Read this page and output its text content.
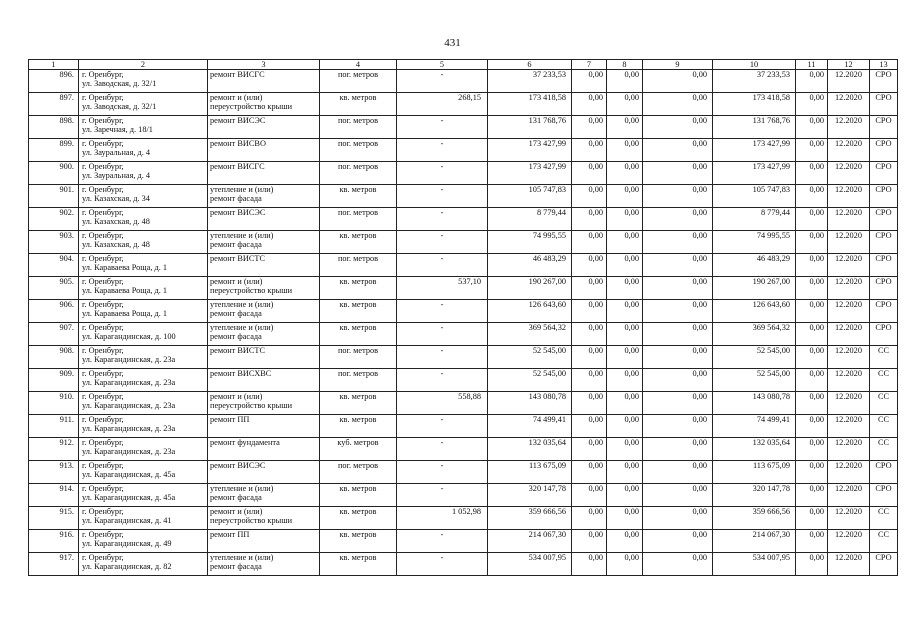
431
1	2	3	4	5	6	7	8	9	10	11	12	13

896.	г. Оренбург,
ул. Заводская, д. 32/1	ремонт ВИСГС	пог. метров	-	37 233,53	0,00	0,00	0,00	37 233,53	0,00	12.2020	СРО

897.	г. Оренбург,
ул. Заводская, д. 32/1	ремонт и (или)
переустройство крыши	кв. метров	268,15	173 418,58	0,00	0,00	0,00	173 418,58	0,00	12.2020	СРО

898.	г. Оренбург,
ул. Заречная, д. 18/1	ремонт ВИСЭС	пог. метров	-	131 768,76	0,00	0,00	0,00	131 768,76	0,00	12.2020	СРО

899.	г. Оренбург,
ул. Зауральная, д. 4	ремонт ВИСВО	пог. метров	-	173 427,99	0,00	0,00	0,00	173 427,99	0,00	12.2020	СРО

900.	г. Оренбург,
ул. Зауральная, д. 4	ремонт ВИСГС	пог. метров	-	173 427,99	0,00	0,00	0,00	173 427,99	0,00	12.2020	СРО

901.	г. Оренбург,
ул. Казахская, д. 34	утепление и (или)
ремонт фасада	кв. метров	-	105 747,83	0,00	0,00	0,00	105 747,83	0,00	12.2020	СРО

902.	г. Оренбург,
ул. Казахская, д. 48	ремонт ВИСЭС	пог. метров	-	8 779,44	0,00	0,00	0,00	8 779,44	0,00	12.2020	СРО

903.	г. Оренбург,
ул. Казахская, д. 48	утепление и (или)
ремонт фасада	кв. метров	-	74 995,55	0,00	0,00	0,00	74 995,55	0,00	12.2020	СРО

904.	г. Оренбург,
ул. Караваева Роща, д. 1	ремонт ВИСТС	пог. метров	-	46 483,29	0,00	0,00	0,00	46 483,29	0,00	12.2020	СРО

905.	г. Оренбург,
ул. Караваева Роща, д. 1	ремонт и (или)
переустройство крыши	кв. метров	537,10	190 267,00	0,00	0,00	0,00	190 267,00	0,00	12.2020	СРО

906.	г. Оренбург,
ул. Караваева Роща, д. 1	утепление и (или)
ремонт фасада	кв. метров	-	126 643,60	0,00	0,00	0,00	126 643,60	0,00	12.2020	СРО

907.	г. Оренбург,
ул. Карагандинская, д. 100	утепление и (или)
ремонт фасада	кв. метров	-	369 564,32	0,00	0,00	0,00	369 564,32	0,00	12.2020	СРО

908.	г. Оренбург,
ул. Карагандинская, д. 23а	ремонт ВИСТС	пог. метров	-	52 545,00	0,00	0,00	0,00	52 545,00	0,00	12.2020	СС

909.	г. Оренбург,
ул. Карагандинская, д. 23а	ремонт ВИСХВС	пог. метров	-	52 545,00	0,00	0,00	0,00	52 545,00	0,00	12.2020	СС

910.	г. Оренбург,
ул. Карагандинская, д. 23а	ремонт и (или)
переустройство крыши	кв. метров	558,88	143 080,78	0,00	0,00	0,00	143 080,78	0,00	12.2020	СС

911.	г. Оренбург,
ул. Карагандинская, д. 23а	ремонт ПП	кв. метров	-	74 499,41	0,00	0,00	0,00	74 499,41	0,00	12.2020	СС

912.	г. Оренбург,
ул. Карагандинская, д. 23а	ремонт фундамента	куб. метров	-	132 035,64	0,00	0,00	0,00	132 035,64	0,00	12.2020	СС

913.	г. Оренбург,
ул. Карагандинская, д. 45а	ремонт ВИСЭС	пог. метров	-	113 675,09	0,00	0,00	0,00	113 675,09	0,00	12.2020	СРО

914.	г. Оренбург,
ул. Карагандинская, д. 45а	утепление и (или)
ремонт фасада	кв. метров	-	320 147,78	0,00	0,00	0,00	320 147,78	0,00	12.2020	СРО

915.	г. Оренбург,
ул. Карагандинская, д. 41	ремонт и (или)
переустройство крыши	кв. метров	1 052,98	359 666,56	0,00	0,00	0,00	359 666,56	0,00	12.2020	СС

916.	г. Оренбург,
ул. Карагандинская, д. 49	ремонт ПП	кв. метров	-	214 067,30	0,00	0,00	0,00	214 067,30	0,00	12.2020	СС

917.	г. Оренбург,
ул. Карагандинская, д. 82	утепление и (или)
ремонт фасада	кв. метров	-	534 007,95	0,00	0,00	0,00	534 007,95	0,00	12.2020	СРО
